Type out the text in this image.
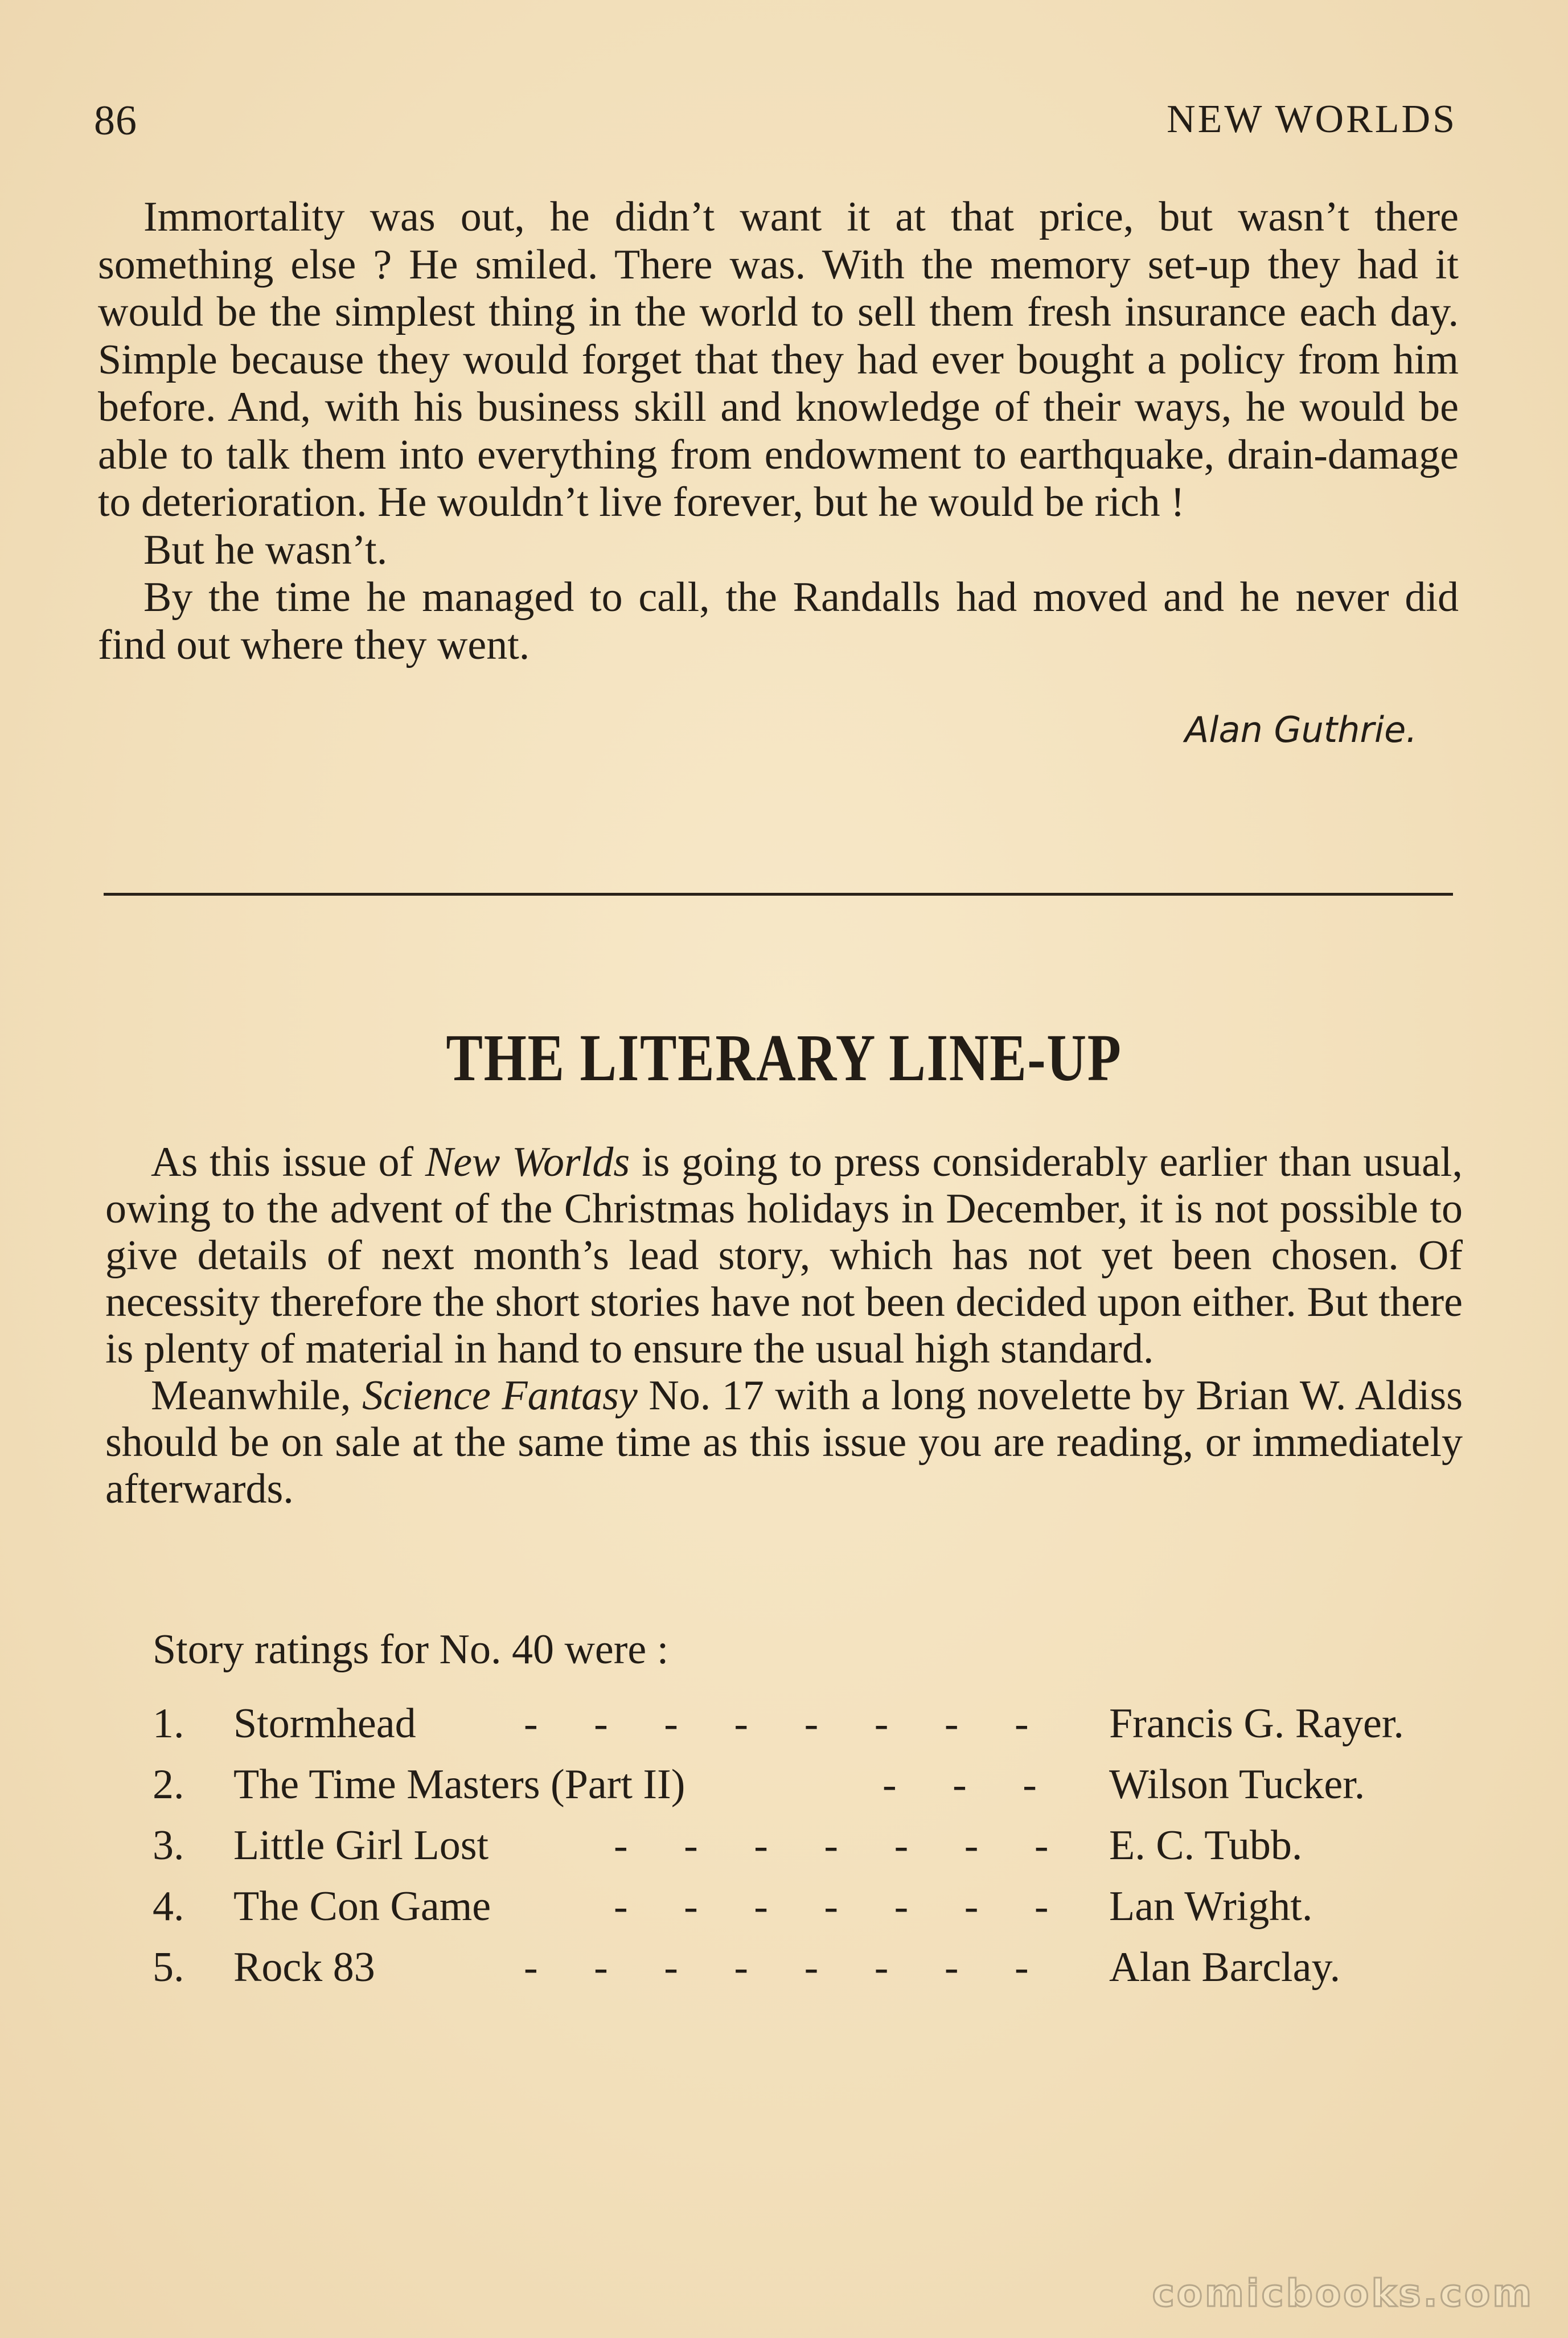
86	NEW WORLDS

Immortality was out, he didn’t want it at that price, but wasn’t there something else ? He smiled. There was. With the memory set-up they had it would be the simplest thing in the world to sell them fresh insurance each day. Simple because they would forget that they had ever bought a policy from him before. And, with his business skill and knowledge of their ways, he would be able to talk them into everything from endowment to earthquake, drain-damage to deterioration. He wouldn’t live forever, but he would be rich !

But he wasn’t.

By the time he managed to call, the Randalls had moved and he never did find out where they went.

Alan Guthrie.
THE LITERARY LINE-UP

As this issue of New Worlds is going to press considerably earlier than usual, owing to the advent of the Christmas holidays in December, it is not possible to give details of next month’s lead story, which has not yet been chosen. Of necessity therefore the short stories have not been decided upon either. But there is plenty of material in hand to ensure the usual high standard.

Meanwhile, Science Fantasy No. 17 with a long novelette by Brian W. Aldiss should be on sale at the same time as this issue you are reading, or immediately afterwards.

Story ratings for No. 40 were :
1. Stormhead	- - - - - - - - Francis G. Rayer.
2. The Time Masters (Part II)	- - - Wilson Tucker.
3. Little Girl Lost	- - - - - - - E. C. Tubb.
4. The Con Game	- - - - - - - Lan Wright.
5. Rock 83	- - - - - - - - Alan Barclay.
comicbooks.com
